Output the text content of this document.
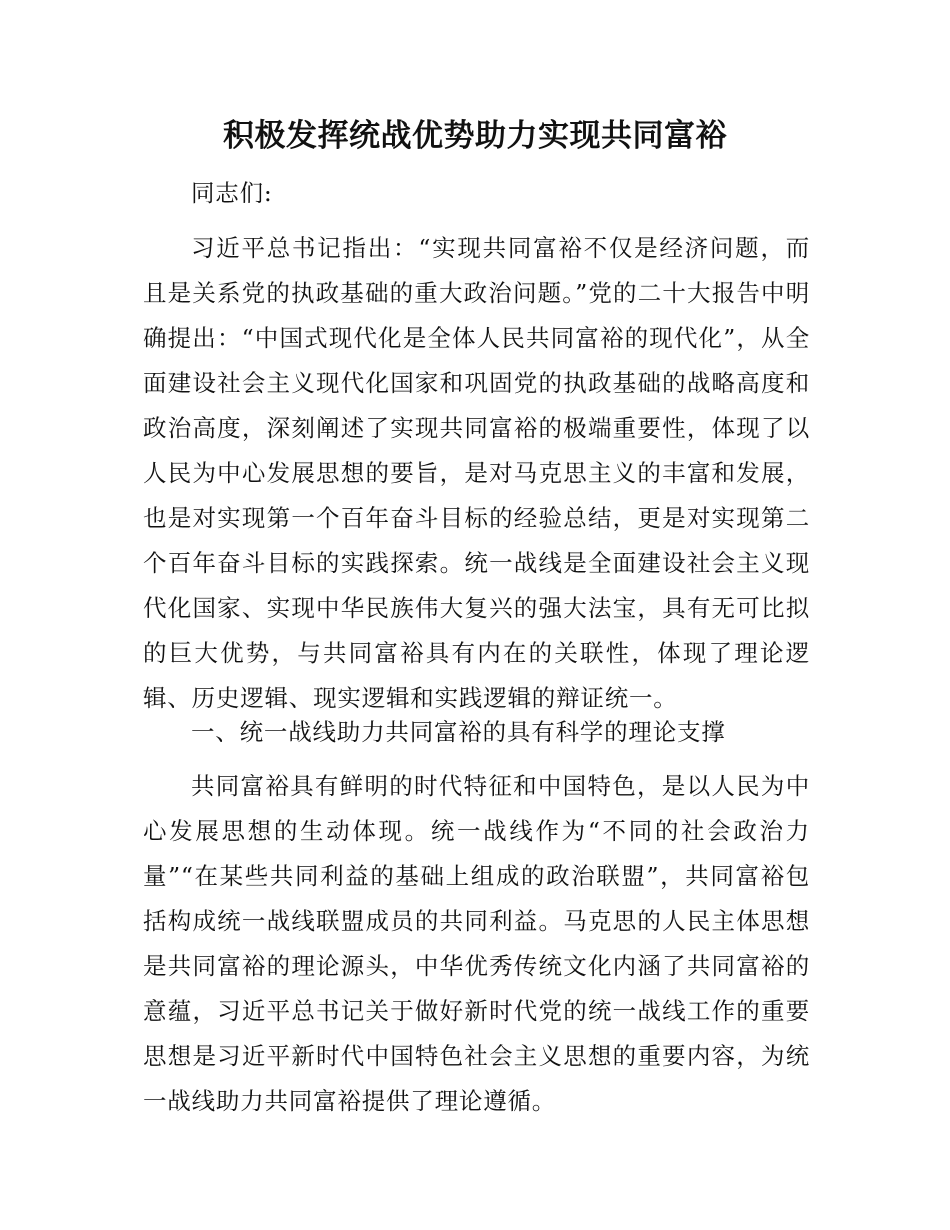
积极发挥统战优势助力实现共同富裕

同志们:

习近平总书记指出：“实现共同富裕不仅是经济问题，而且是关系党的执政基础的重大政治问题。”党的二十大报告中明确提出：“中国式现代化是全体人民共同富裕的现代化”，从全面建设社会主义现代化国家和巩固党的执政基础的战略高度和政治高度，深刻阐述了实现共同富裕的极端重要性，体现了以人民为中心发展思想的要旨，是对马克思主义的丰富和发展，也是对实现第一个百年奋斗目标的经验总结，更是对实现第二个百年奋斗目标的实践探索。统一战线是全面建设社会主义现代化国家、实现中华民族伟大复兴的强大法宝，具有无可比拟的巨大优势，与共同富裕具有内在的关联性，体现了理论逻辑、历史逻辑、现实逻辑和实践逻辑的辩证统一。

一、统一战线助力共同富裕的具有科学的理论支撑

共同富裕具有鲜明的时代特征和中国特色，是以人民为中心发展思想的生动体现。统一战线作为“不同的社会政治力量”“在某些共同利益的基础上组成的政治联盟”，共同富裕包括构成统一战线联盟成员的共同利益。马克思的人民主体思想是共同富裕的理论源头，中华优秀传统文化内涵了共同富裕的意蕴，习近平总书记关于做好新时代党的统一战线工作的重要思想是习近平新时代中国特色社会主义思想的重要内容，为统一战线助力共同富裕提供了理论遵循。
